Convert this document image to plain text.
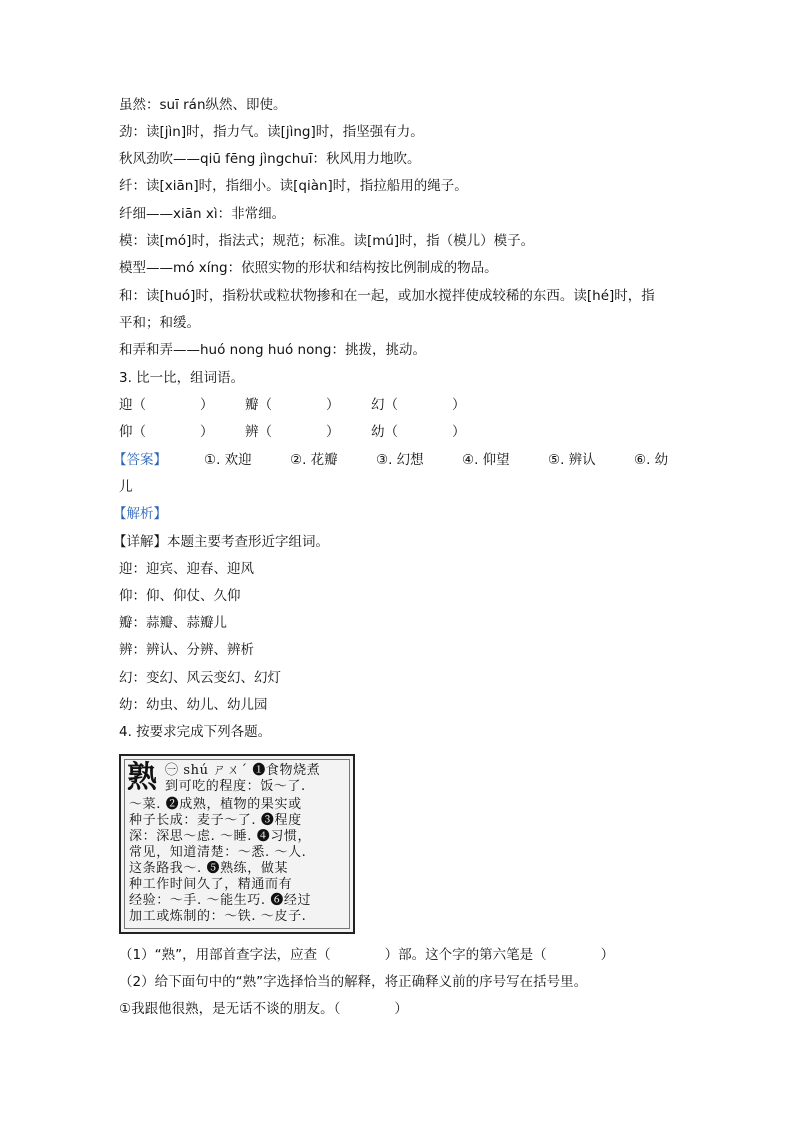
虽然：suī rán纵然、即使。
劲：读[jìn]时，指力气。读[jìng]时，指坚强有力。
秋风劲吹——qiū fēng jìngchuī：秋风用力地吹。
纤：读[xiān]时，指细小。读[qiàn]时，指拉船用的绳子。
纤细——xiān xì：非常细。
模：读[mó]时，指法式；规范；标准。读[mú]时，指（模儿）模子。
模型——mó xíng：依照实物的形状和结构按比例制成的物品。
和：读[huó]时，指粉状或粒状物掺和在一起，或加水搅拌使成较稀的东西。读[hé]时，指
平和；和缓。
和弄和弄——huó nong huó nong：挑拨，挑动。
3. 比一比，组词语。
迎（　　　　） 瓣（　　　　） 幻（　　　　）
仰（　　　　） 辨（　　　　） 幼（　　　　）
【答案】	①. 欢迎	②. 花瓣	③. 幻想	④. 仰望	⑤. 辨认	⑥. 幼
儿
【解析】
【详解】本题主要考查形近字组词。
迎：迎宾、迎春、迎风
仰：仰、仰仗、久仰
瓣：蒜瓣、蒜瓣儿
辨：辨认、分辨、辨析
幻：变幻、风云变幻、幻灯
幼：幼虫、幼儿、幼儿园
4. 按要求完成下列各题。
熟 ㊀ shú ㄕㄨˊ ❶食物烧煮
到可吃的程度：饭～了.
～菜. ❷成熟，植物的果实或
种子长成：麦子～了. ❸程度
深：深思～虑. ～睡. ❹习惯，
常见，知道清楚：～悉. ～人.
这条路我～. ❺熟练，做某
种工作时间久了，精通而有
经验：～手. ～能生巧. ❻经过
加工或炼制的：～铁. ～皮子.
（1）“熟”，用部首查字法，应查（　　　　）部。这个字的第六笔是（　　　　）
（2）给下面句中的“熟”字选择恰当的解释，将正确释义前的序号写在括号里。
①我跟他很熟，是无话不谈的朋友。（　　　　）
